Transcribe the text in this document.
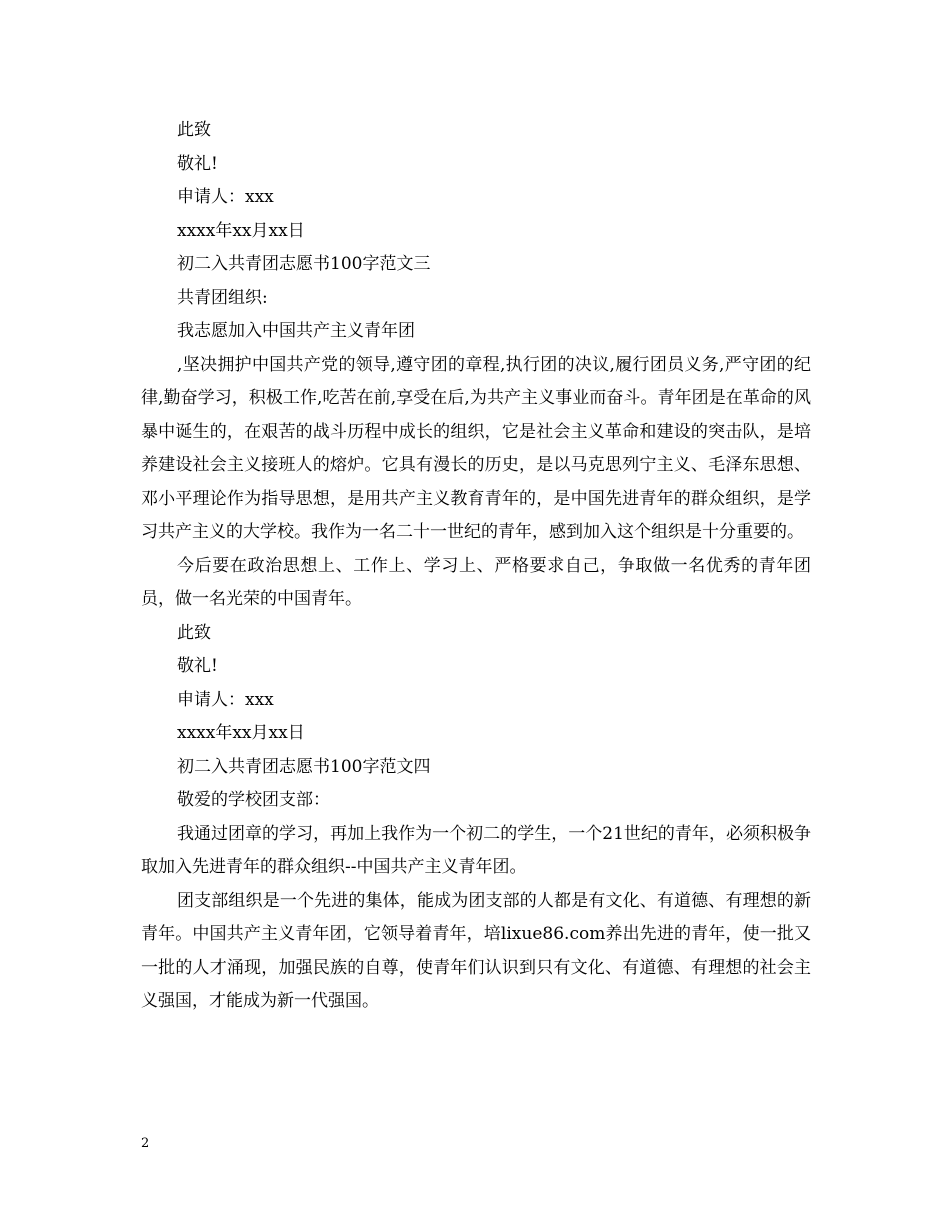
此致
敬礼!
申请人：xxx
xxxx年xx月xx日
初二入共青团志愿书100字范文三
共青团组织:
我志愿加入中国共产主义青年团

,坚决拥护中国共产党的领导,遵守团的章程,执行团的决议,履行团员义务,严守团的纪律,勤奋学习，积极工作,吃苦在前,享受在后,为共产主义事业而奋斗。青年团是在革命的风暴中诞生的，在艰苦的战斗历程中成长的组织，它是社会主义革命和建设的突击队，是培养建设社会主义接班人的熔炉。它具有漫长的历史，是以马克思列宁主义、毛泽东思想、邓小平理论作为指导思想，是用共产主义教育青年的，是中国先进青年的群众组织，是学习共产主义的大学校。我作为一名二十一世纪的青年，感到加入这个组织是十分重要的。

今后要在政治思想上、工作上、学习上、严格要求自己，争取做一名优秀的青年团员，做一名光荣的中国青年。

此致
敬礼!
申请人：xxx
xxxx年xx月xx日
初二入共青团志愿书100字范文四
敬爱的学校团支部：

我通过团章的学习，再加上我作为一个初二的学生，一个21世纪的青年，必须积极争取加入先进青年的群众组织--中国共产主义青年团。

团支部组织是一个先进的集体，能成为团支部的人都是有文化、有道德、有理想的新青年。中国共产主义青年团，它领导着青年，培lixue86.com养出先进的青年，使一批又一批的人才涌现，加强民族的自尊，使青年们认识到只有文化、有道德、有理想的社会主义强国，才能成为新一代强国。

2
